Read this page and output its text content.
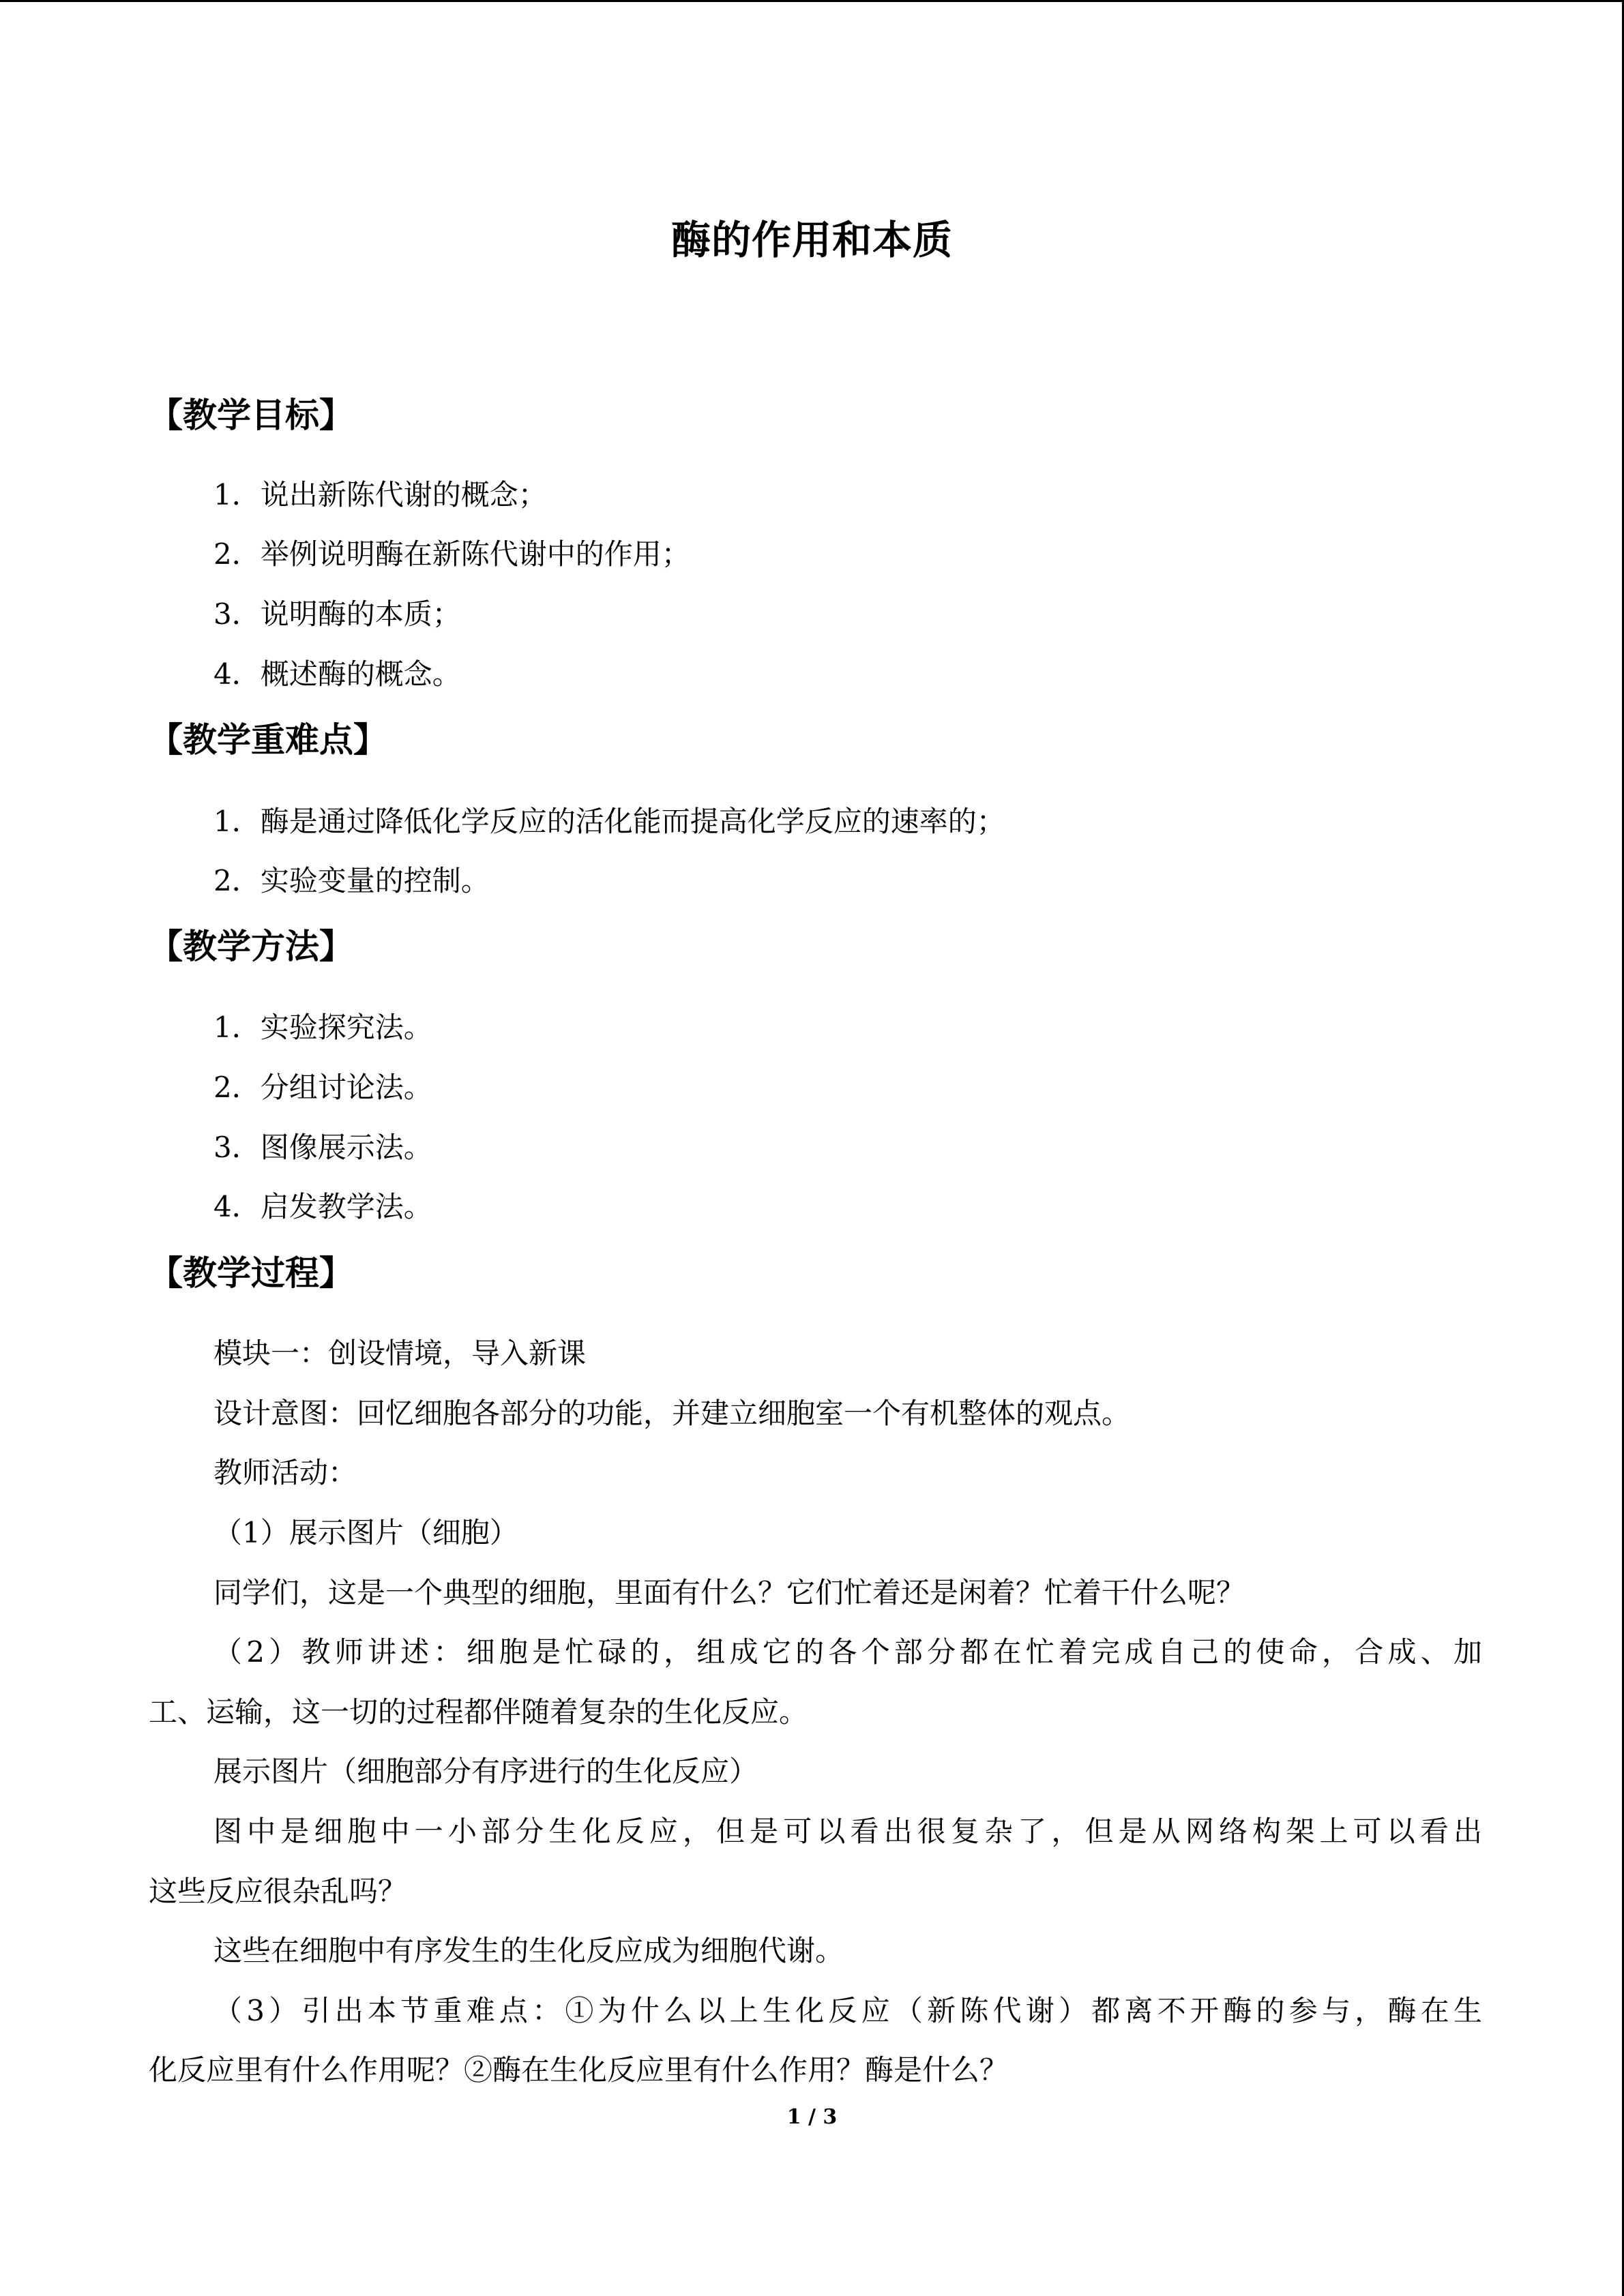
酶的作用和本质
【教学目标】
1．说出新陈代谢的概念；
2．举例说明酶在新陈代谢中的作用；
3．说明酶的本质；
4．概述酶的概念。
【教学重难点】
1．酶是通过降低化学反应的活化能而提高化学反应的速率的；
2．实验变量的控制。
【教学方法】
1．实验探究法。
2．分组讨论法。
3．图像展示法。
4．启发教学法。
【教学过程】
模块一：创设情境，导入新课
设计意图：回忆细胞各部分的功能，并建立细胞室一个有机整体的观点。
教师活动：
（1）展示图片（细胞）
同学们，这是一个典型的细胞，里面有什么？它们忙着还是闲着？忙着干什么呢？
（2）教师讲述：细胞是忙碌的，组成它的各个部分都在忙着完成自己的使命，合成、加
工、运输，这一切的过程都伴随着复杂的生化反应。
展示图片（细胞部分有序进行的生化反应）
图中是细胞中一小部分生化反应，但是可以看出很复杂了，但是从网络构架上可以看出
这些反应很杂乱吗？
这些在细胞中有序发生的生化反应成为细胞代谢。
（3）引出本节重难点：①为什么以上生化反应（新陈代谢）都离不开酶的参与，酶在生
化反应里有什么作用呢？②酶在生化反应里有什么作用？酶是什么？
1 / 3
